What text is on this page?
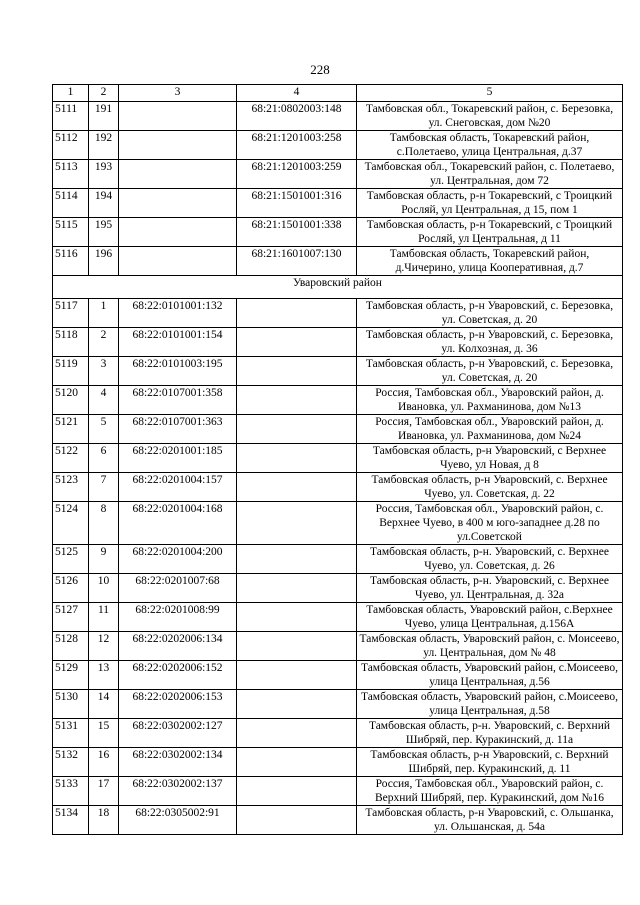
228
1	2	3	4	5
5111	191		68:21:0802003:148	Тамбовская обл., Токаревский район, с. Березовка, ул. Снеговская, дом №20
5112	192		68:21:1201003:258	Тамбовская область, Токаревский район, с.Полетаево, улица Центральная, д.37
5113	193		68:21:1201003:259	Тамбовская обл., Токаревский район, с. Полетаево, ул. Центральная, дом 72
5114	194		68:21:1501001:316	Тамбовская область, р-н Токаревский, с Троицкий Росляй, ул Центральная, д 15, пом 1
5115	195		68:21:1501001:338	Тамбовская область, р-н Токаревский, с Троицкий Росляй, ул Центральная, д 11
5116	196		68:21:1601007:130	Тамбовская область, Токаревский район, д.Чичерино, улица Кооперативная, д.7
Уваровский район				
5117	1	68:22:0101001:132		Тамбовская область, р-н Уваровский, с. Березовка, ул. Советская, д. 20
5118	2	68:22:0101001:154		Тамбовская область, р-н Уваровский, с. Березовка, ул. Колхозная, д. 36
5119	3	68:22:0101003:195		Тамбовская область, р-н Уваровский, с. Березовка, ул. Советская, д. 20
5120	4	68:22:0107001:358		Россия, Тамбовская обл., Уваровский район, д. Ивановка, ул. Рахманинова, дом №13
5121	5	68:22:0107001:363		Россия, Тамбовская обл., Уваровский район, д. Ивановка, ул. Рахманинова, дом №24
5122	6	68:22:0201001:185		Тамбовская область, р-н Уваровский, с Верхнее Чуево, ул Новая, д 8
5123	7	68:22:0201004:157		Тамбовская область, р-н Уваровский, с. Верхнее Чуево, ул. Советская, д. 22
5124	8	68:22:0201004:168		Россия, Тамбовская обл., Уваровский район, с. Верхнее Чуево, в 400 м юго-западнее д.28 по ул.Советской
5125	9	68:22:0201004:200		Тамбовская область, р-н. Уваровский, с. Верхнее Чуево, ул. Советская, д. 26
5126	10	68:22:0201007:68		Тамбовская область, р-н. Уваровский, с. Верхнее Чуево, ул. Центральная, д. 32а
5127	11	68:22:0201008:99		Тамбовская область, Уваровский район, с.Верхнее Чуево, улица Центральная, д.156А
5128	12	68:22:0202006:134		Тамбовская область, Уваровский район, с. Моисеево, ул. Центральная, дом № 48
5129	13	68:22:0202006:152		Тамбовская область, Уваровский район, с.Моисеево, улица Центральная, д.56
5130	14	68:22:0202006:153		Тамбовская область, Уваровский район, с.Моисеево, улица Центральная, д.58
5131	15	68:22:0302002:127		Тамбовская область, р-н. Уваровский, с. Верхний Шибряй, пер. Куракинский, д. 11а
5132	16	68:22:0302002:134		Тамбовская область, р-н Уваровский, с. Верхний Шибряй, пер. Куракинский, д. 11
5133	17	68:22:0302002:137		Россия, Тамбовская обл., Уваровский район, с. Верхний Шибряй, пер. Куракинский, дом №16
5134	18	68:22:0305002:91		Тамбовская область, р-н Уваровский, с. Ольшанка, ул. Ольшанская, д. 54а
